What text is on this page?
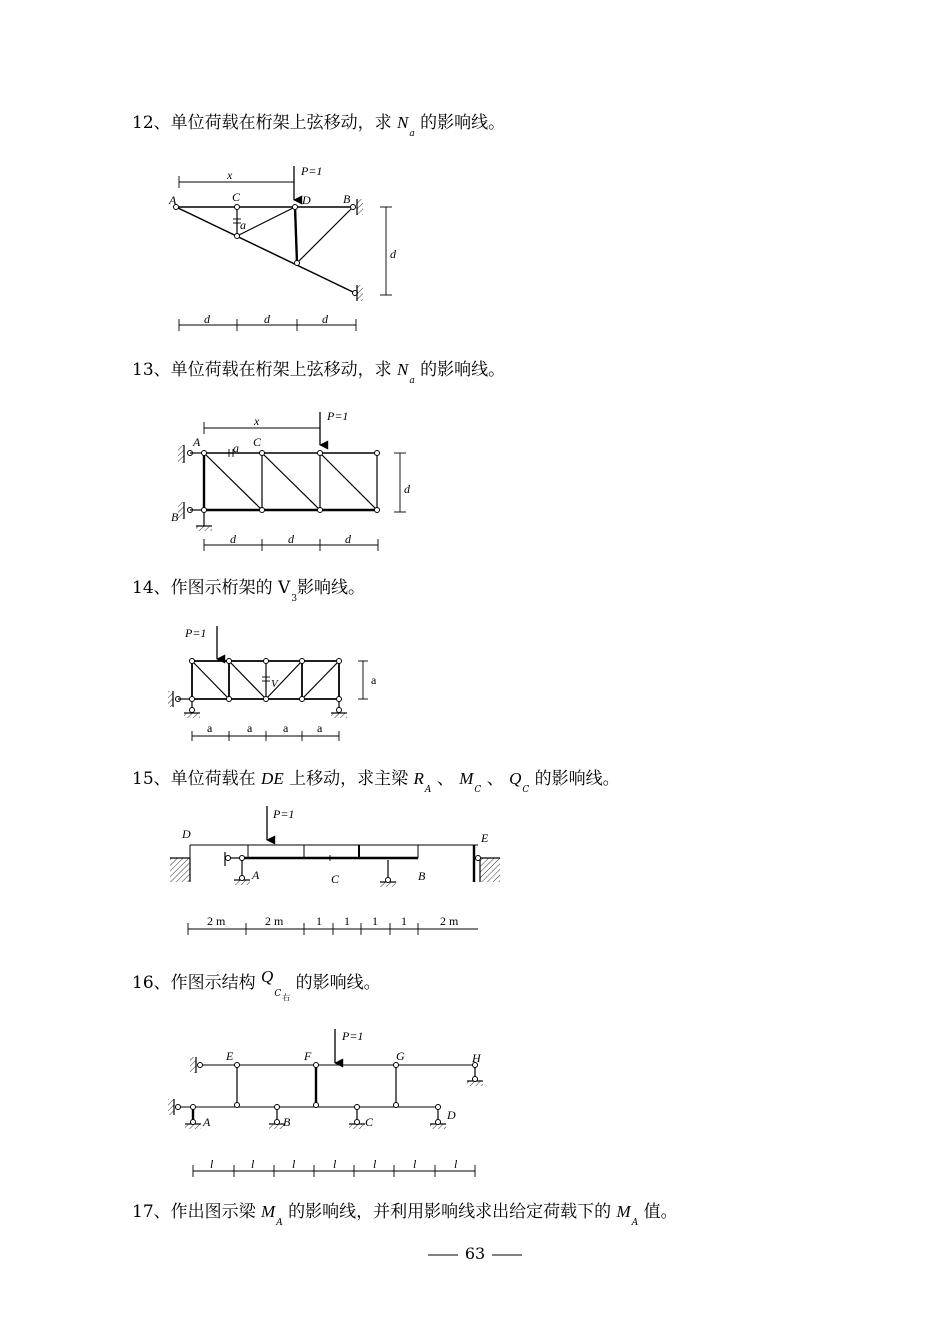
12、单位荷载在桁架上弦移动，求 $N_a$ 的影响线。
13、单位荷载在桁架上弦移动，求 $N_a$ 的影响线。
14、作图示桁架的 $V_3$影响线。
15、单位荷载在 DE 上移动，求主梁 $R_A$ 、 $M_C$ 、 $Q_C$ 的影响线。
16、作图示结构 $Q_{C右}$ 的影响线。
17、作出图示梁 $M_A$ 的影响线，并利用影响线求出给定荷载下的 $M_A$ 值。
x	P=1
A	C	D	B
a
d
d	d	d
x	P=1
A	C
a
B
d
d	d	d
P=1
V	a
a	a	a a
P=1
D	E
A	C	B
2 m	2 m	1 1 1 1	2 m
P=1
E	F	G	H
A	B	C	D
l	l	l	l	l	l	l
63
